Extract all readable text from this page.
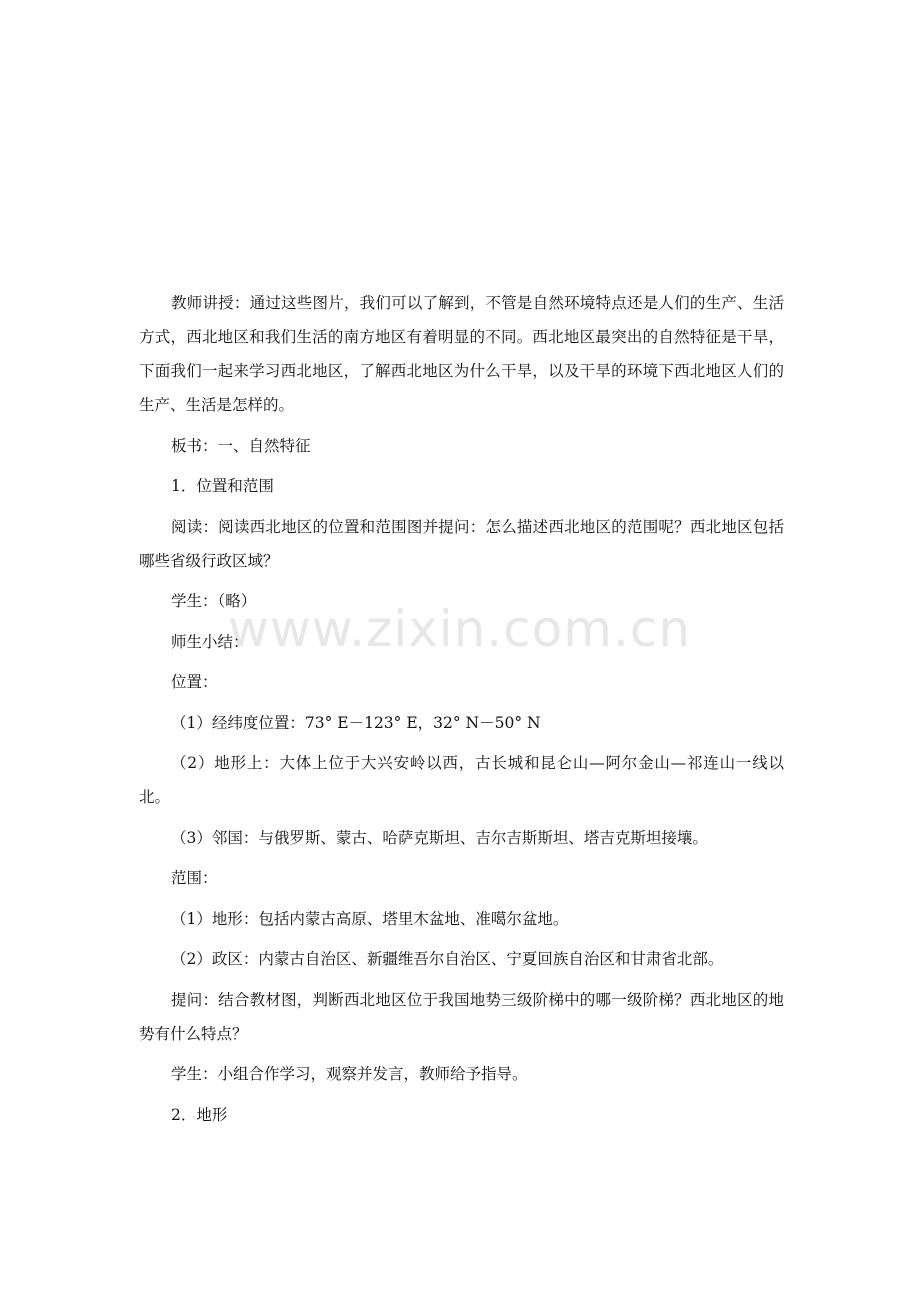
教师讲授：通过这些图片，我们可以了解到，不管是自然环境特点还是人们的生产、生活方式，西北地区和我们生活的南方地区有着明显的不同。西北地区最突出的自然特征是干旱，下面我们一起来学习西北地区，了解西北地区为什么干旱，以及干旱的环境下西北地区人们的生产、生活是怎样的。

板书：一、自然特征

1．位置和范围

阅读：阅读西北地区的位置和范围图并提问：怎么描述西北地区的范围呢？西北地区包括哪些省级行政区域？

学生：（略）

师生小结：

位置：

（1）经纬度位置：73° E－123° E，32° N－50° N

（2）地形上：大体上位于大兴安岭以西，古长城和昆仑山—阿尔金山—祁连山一线以北。

（3）邻国：与俄罗斯、蒙古、哈萨克斯坦、吉尔吉斯斯坦、塔吉克斯坦接壤。

范围：

（1）地形：包括内蒙古高原、塔里木盆地、准噶尔盆地。

（2）政区：内蒙古自治区、新疆维吾尔自治区、宁夏回族自治区和甘肃省北部。

提问：结合教材图，判断西北地区位于我国地势三级阶梯中的哪一级阶梯？西北地区的地势有什么特点？

学生：小组合作学习，观察并发言，教师给予指导。

2．地形

www.zixin.com.cn
